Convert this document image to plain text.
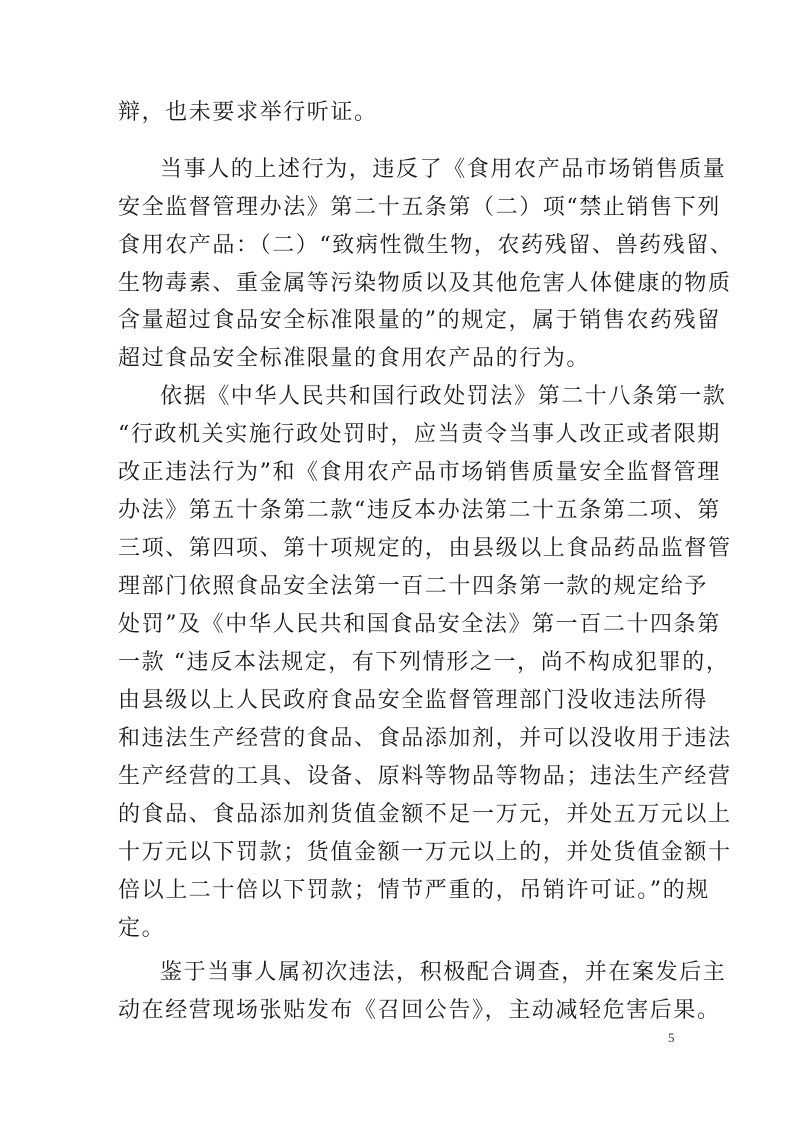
辩，也未要求举行听证。
当事人的上述行为，违反了《食用农产品市场销售质量
安全监督管理办法》第二十五条第（二）项“禁止销售下列
食用农产品：（二）“致病性微生物，农药残留、兽药残留、
生物毒素、重金属等污染物质以及其他危害人体健康的物质
含量超过食品安全标准限量的”的规定，属于销售农药残留
超过食品安全标准限量的食用农产品的行为。
依据《中华人民共和国行政处罚法》第二十八条第一款
“行政机关实施行政处罚时，应当责令当事人改正或者限期
改正违法行为”和《食用农产品市场销售质量安全监督管理
办法》第五十条第二款“违反本办法第二十五条第二项、第
三项、第四项、第十项规定的，由县级以上食品药品监督管
理部门依照食品安全法第一百二十四条第一款的规定给予
处罚”及《中华人民共和国食品安全法》第一百二十四条第
一款 “违反本法规定，有下列情形之一，尚不构成犯罪的，
由县级以上人民政府食品安全监督管理部门没收违法所得
和违法生产经营的食品、食品添加剂，并可以没收用于违法
生产经营的工具、设备、原料等物品等物品；违法生产经营
的食品、食品添加剂货值金额不足一万元，并处五万元以上
十万元以下罚款；货值金额一万元以上的，并处货值金额十
倍以上二十倍以下罚款；情节严重的，吊销许可证。”的规
定。
鉴于当事人属初次违法，积极配合调查，并在案发后主
动在经营现场张贴发布《召回公告》，主动减轻危害后果。
5
